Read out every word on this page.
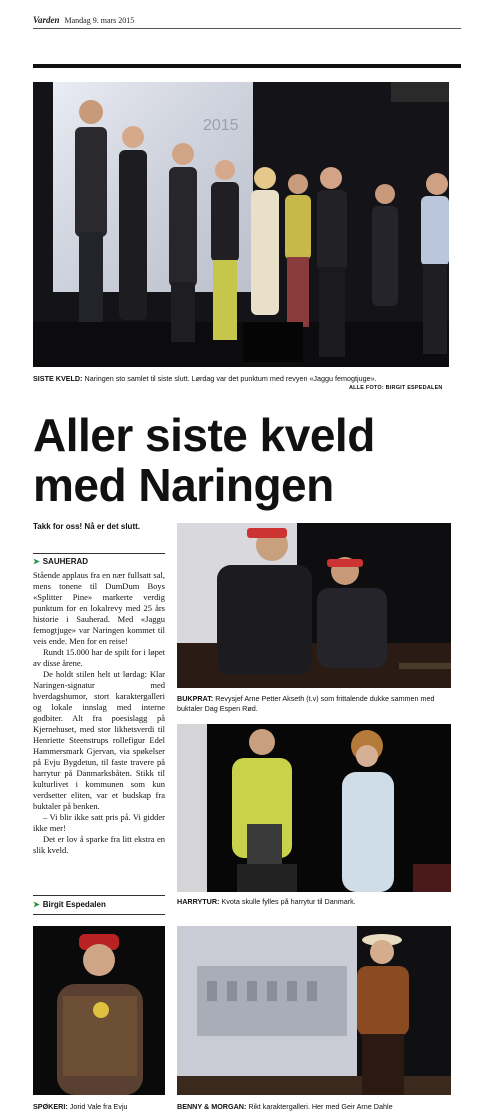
Varden Mandag 9. mars 2015
2015
SISTE KVELD: Naringen sto samlet til siste slutt. Lørdag var det punktum med revyen «Jaggu femogtjuge».
ALLE FOTO: BIRGIT ESPEDALEN
Aller siste kveld med Naringen
Takk for oss! Nå er det slutt.
➤ SAUHERAD

Stående applaus fra en nær fullsatt sal, mens tonene til DumDum Boys «Splitter Pine» markerte verdig punktum for en lokalrevy med 25 års historie i Sauherad. Med «Jaggu femogtjuge» var Naringen kommet til veis ende. Men for en reise!

Rundt 15.000 har de spilt for i løpet av disse årene.

De holdt stilen helt ut lørdag: Klar Naringen-signatur med hverdagshumor, stort karaktergalleri og lokale innslag med interne godbiter. Alt fra poesislagg på Kjernehuset, med stor likhetsverdi til Henriette Steenstrups rollefigur Edel Hammersmark Gjervan, via spøkelser på Evju Bygdetun, til faste travere på harrytur på Danmarksbåten. Stikk til kulturlivet i kommunen som kun verdsetter eliten, var et budskap fra buktaler på benken.

– Vi blir ikke satt pris på. Vi gidder ikke mer!

Det er lov å sparke fra litt ekstra en slik kveld.

➤ Birgit Espedalen
BUKPRAT: Revysjef Arne Petter Akseth (t.v) som frittalende dukke sammen med buktaler Dag Espen Rød.
HARRYTUR: Kvota skulle fylles på harrytur til Danmark.
SPØKERI: Jorid Vale fra Evju	BENNY & MORGAN: Rikt karaktergalleri. Her med Geir Arne Dahle
